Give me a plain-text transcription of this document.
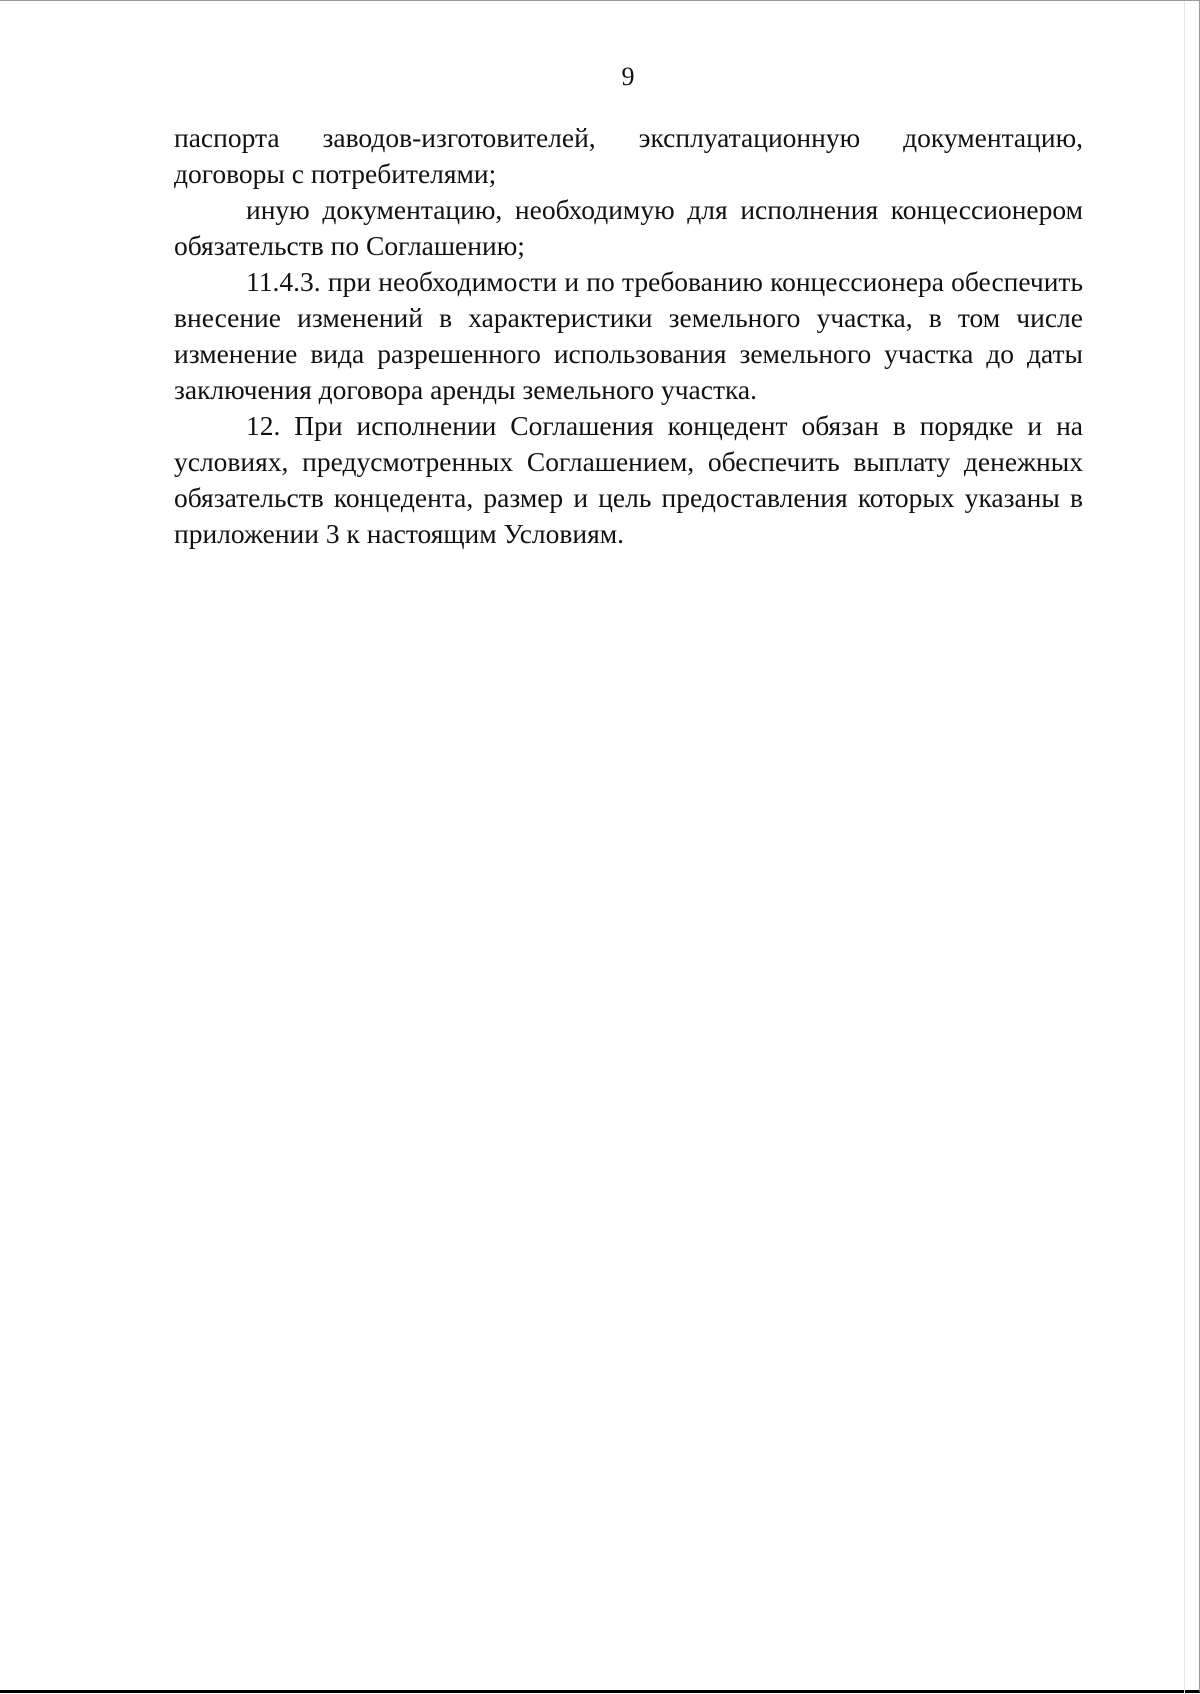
9

паспорта заводов-изготовителей, эксплуатационную документацию, договоры с потребителями;

иную документацию, необходимую для исполнения концессионером обязательств по Соглашению;

11.4.3. при необходимости и по требованию концессионера обеспечить внесение изменений в характеристики земельного участка, в том числе изменение вида разрешенного использования земельного участка до даты заключения договора аренды земельного участка.

12. При исполнении Соглашения концедент обязан в порядке и на условиях, предусмотренных Соглашением, обеспечить выплату денежных обязательств концедента, размер и цель предоставления которых указаны в приложении 3 к настоящим Условиям.
